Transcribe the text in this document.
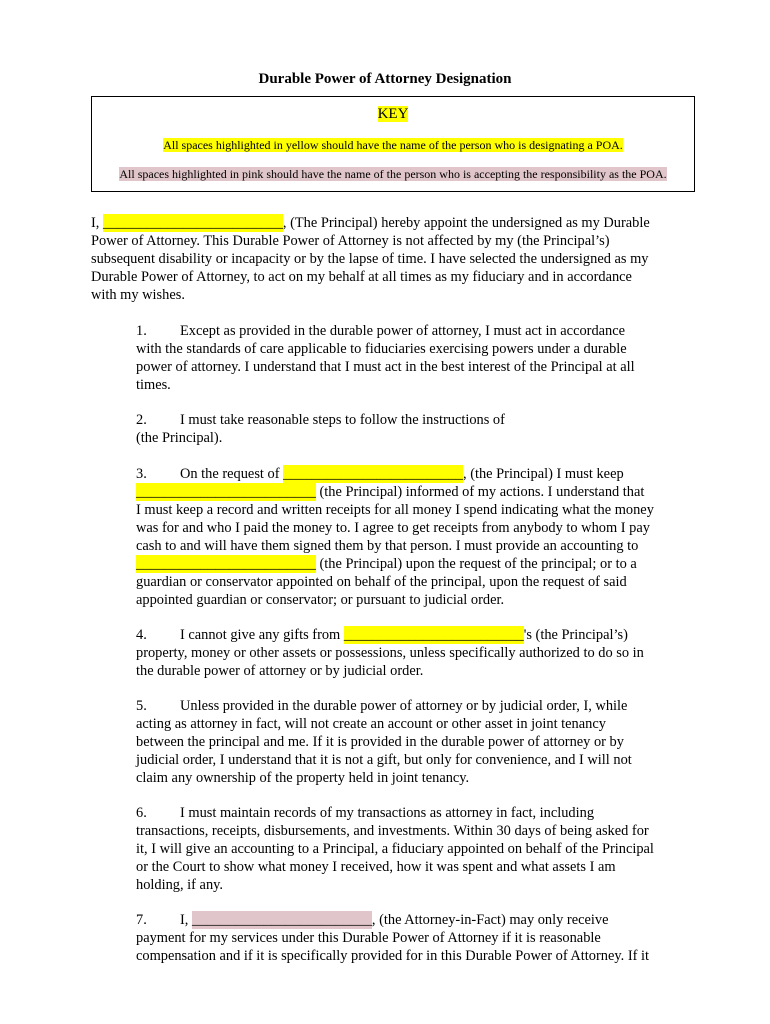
Durable Power of Attorney Designation
KEY
All spaces highlighted in yellow should have the name of the person who is designating a POA.
All spaces highlighted in pink should have the name of the person who is accepting the responsibility as the POA.
I, _________________________, (The Principal) hereby appoint the undersigned as my Durable
Power of Attorney. This Durable Power of Attorney is not affected by my (the Principal’s)
subsequent disability or incapacity or by the lapse of time. I have selected the undersigned as my
Durable Power of Attorney, to act on my behalf at all times as my fiduciary and in accordance
with my wishes.
1. Except as provided in the durable power of attorney, I must act in accordance
with the standards of care applicable to fiduciaries exercising powers under a durable
power of attorney. I understand that I must act in the best interest of the Principal at all
times.
2. I must take reasonable steps to follow the instructions of
(the Principal).
3. On the request of _________________________, (the Principal) I must keep
_________________________ (the Principal) informed of my actions. I understand that
I must keep a record and written receipts for all money I spend indicating what the money
was for and who I paid the money to. I agree to get receipts from anybody to whom I pay
cash to and will have them signed them by that person. I must provide an accounting to
_________________________ (the Principal) upon the request of the principal; or to a
guardian or conservator appointed on behalf of the principal, upon the request of said
appointed guardian or conservator; or pursuant to judicial order.
4. I cannot give any gifts from _________________________'s (the Principal’s)
property, money or other assets or possessions, unless specifically authorized to do so in
the durable power of attorney or by judicial order.
5. Unless provided in the durable power of attorney or by judicial order, I, while
acting as attorney in fact, will not create an account or other asset in joint tenancy
between the principal and me. If it is provided in the durable power of attorney or by
judicial order, I understand that it is not a gift, but only for convenience, and I will not
claim any ownership of the property held in joint tenancy.
6. I must maintain records of my transactions as attorney in fact, including
transactions, receipts, disbursements, and investments. Within 30 days of being asked for
it, I will give an accounting to a Principal, a fiduciary appointed on behalf of the Principal
or the Court to show what money I received, how it was spent and what assets I am
holding, if any.
7. I, _________________________, (the Attorney-in-Fact) may only receive
payment for my services under this Durable Power of Attorney if it is reasonable
compensation and if it is specifically provided for in this Durable Power of Attorney. If it
